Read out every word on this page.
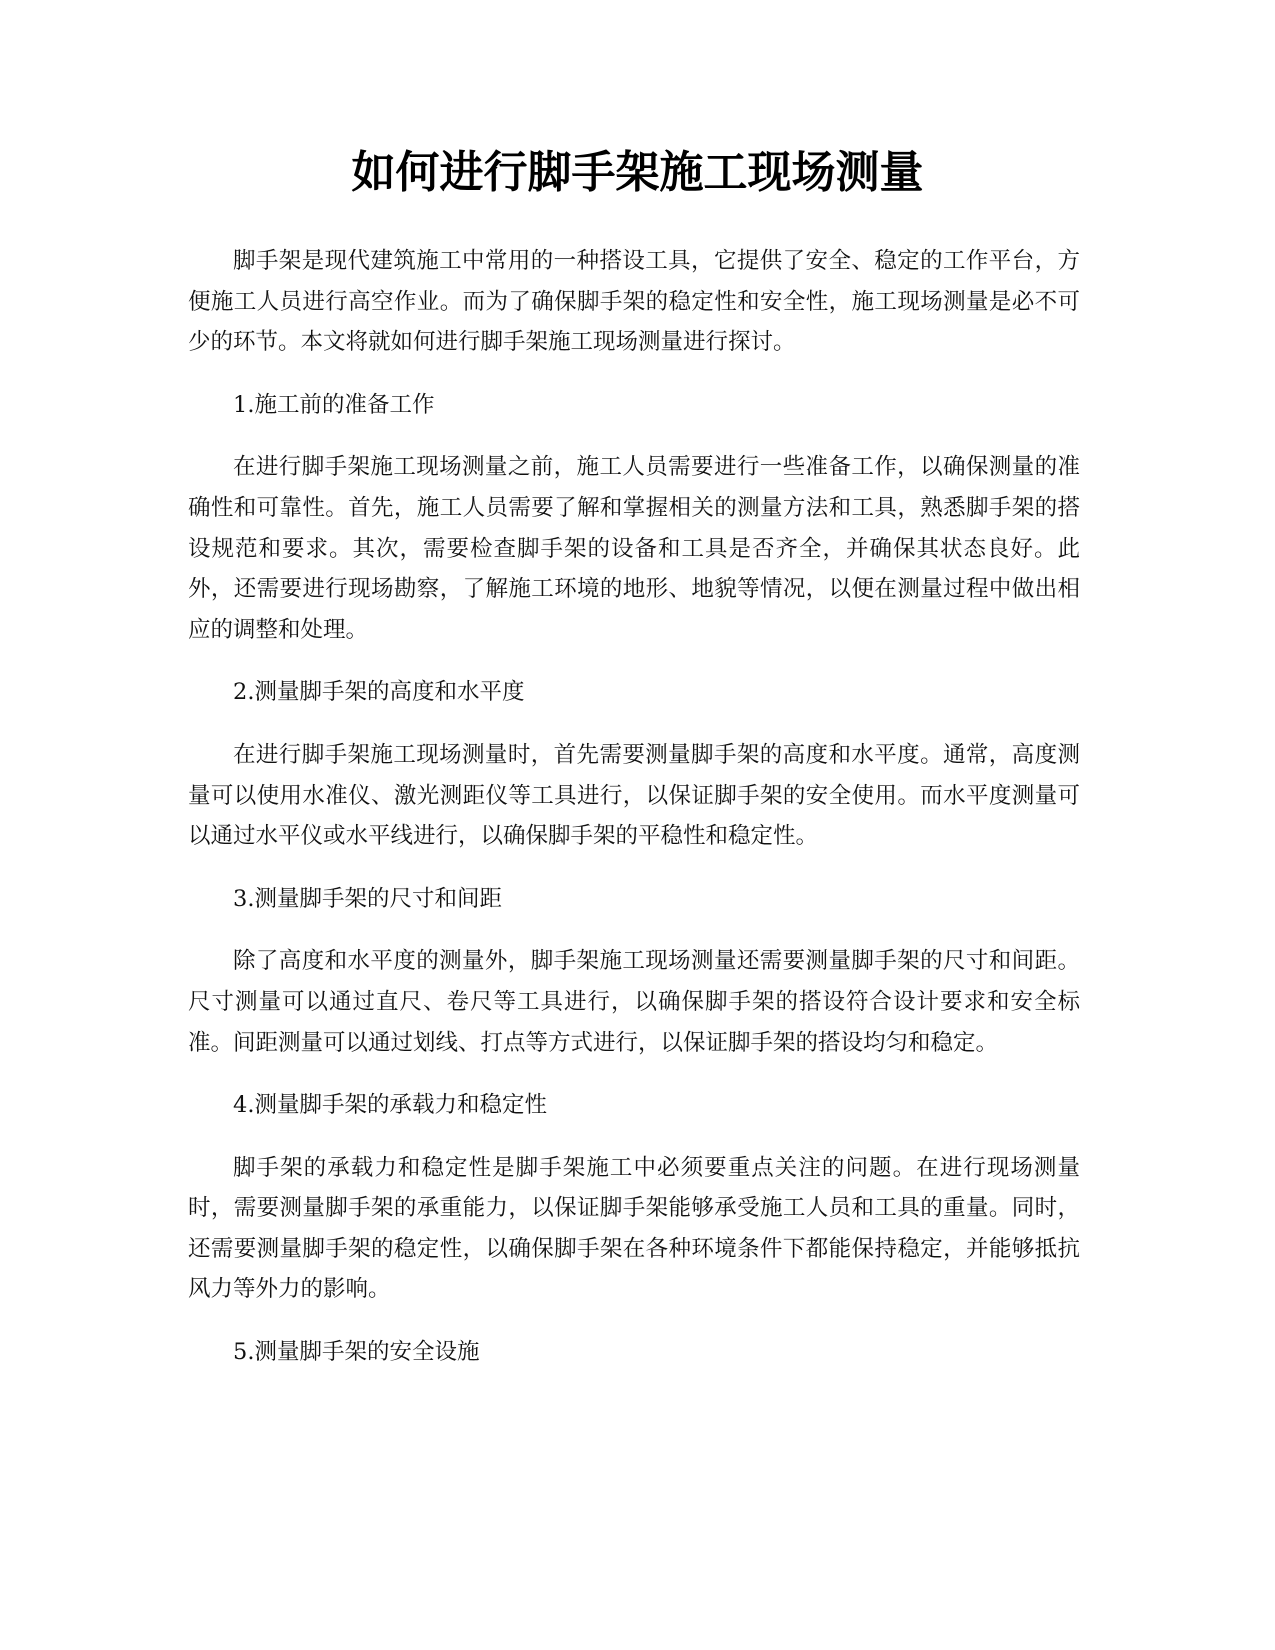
如何进行脚手架施工现场测量

脚手架是现代建筑施工中常用的一种搭设工具，它提供了安全、稳定的工作平台，方便施工人员进行高空作业。而为了确保脚手架的稳定性和安全性，施工现场测量是必不可少的环节。本文将就如何进行脚手架施工现场测量进行探讨。

1.施工前的准备工作

在进行脚手架施工现场测量之前，施工人员需要进行一些准备工作，以确保测量的准确性和可靠性。首先，施工人员需要了解和掌握相关的测量方法和工具，熟悉脚手架的搭设规范和要求。其次，需要检查脚手架的设备和工具是否齐全，并确保其状态良好。此外，还需要进行现场勘察，了解施工环境的地形、地貌等情况，以便在测量过程中做出相应的调整和处理。

2.测量脚手架的高度和水平度

在进行脚手架施工现场测量时，首先需要测量脚手架的高度和水平度。通常，高度测量可以使用水准仪、激光测距仪等工具进行，以保证脚手架的安全使用。而水平度测量可以通过水平仪或水平线进行，以确保脚手架的平稳性和稳定性。

3.测量脚手架的尺寸和间距

除了高度和水平度的测量外，脚手架施工现场测量还需要测量脚手架的尺寸和间距。尺寸测量可以通过直尺、卷尺等工具进行，以确保脚手架的搭设符合设计要求和安全标准。间距测量可以通过划线、打点等方式进行，以保证脚手架的搭设均匀和稳定。

4.测量脚手架的承载力和稳定性

脚手架的承载力和稳定性是脚手架施工中必须要重点关注的问题。在进行现场测量时，需要测量脚手架的承重能力，以保证脚手架能够承受施工人员和工具的重量。同时，还需要测量脚手架的稳定性，以确保脚手架在各种环境条件下都能保持稳定，并能够抵抗风力等外力的影响。

5.测量脚手架的安全设施
